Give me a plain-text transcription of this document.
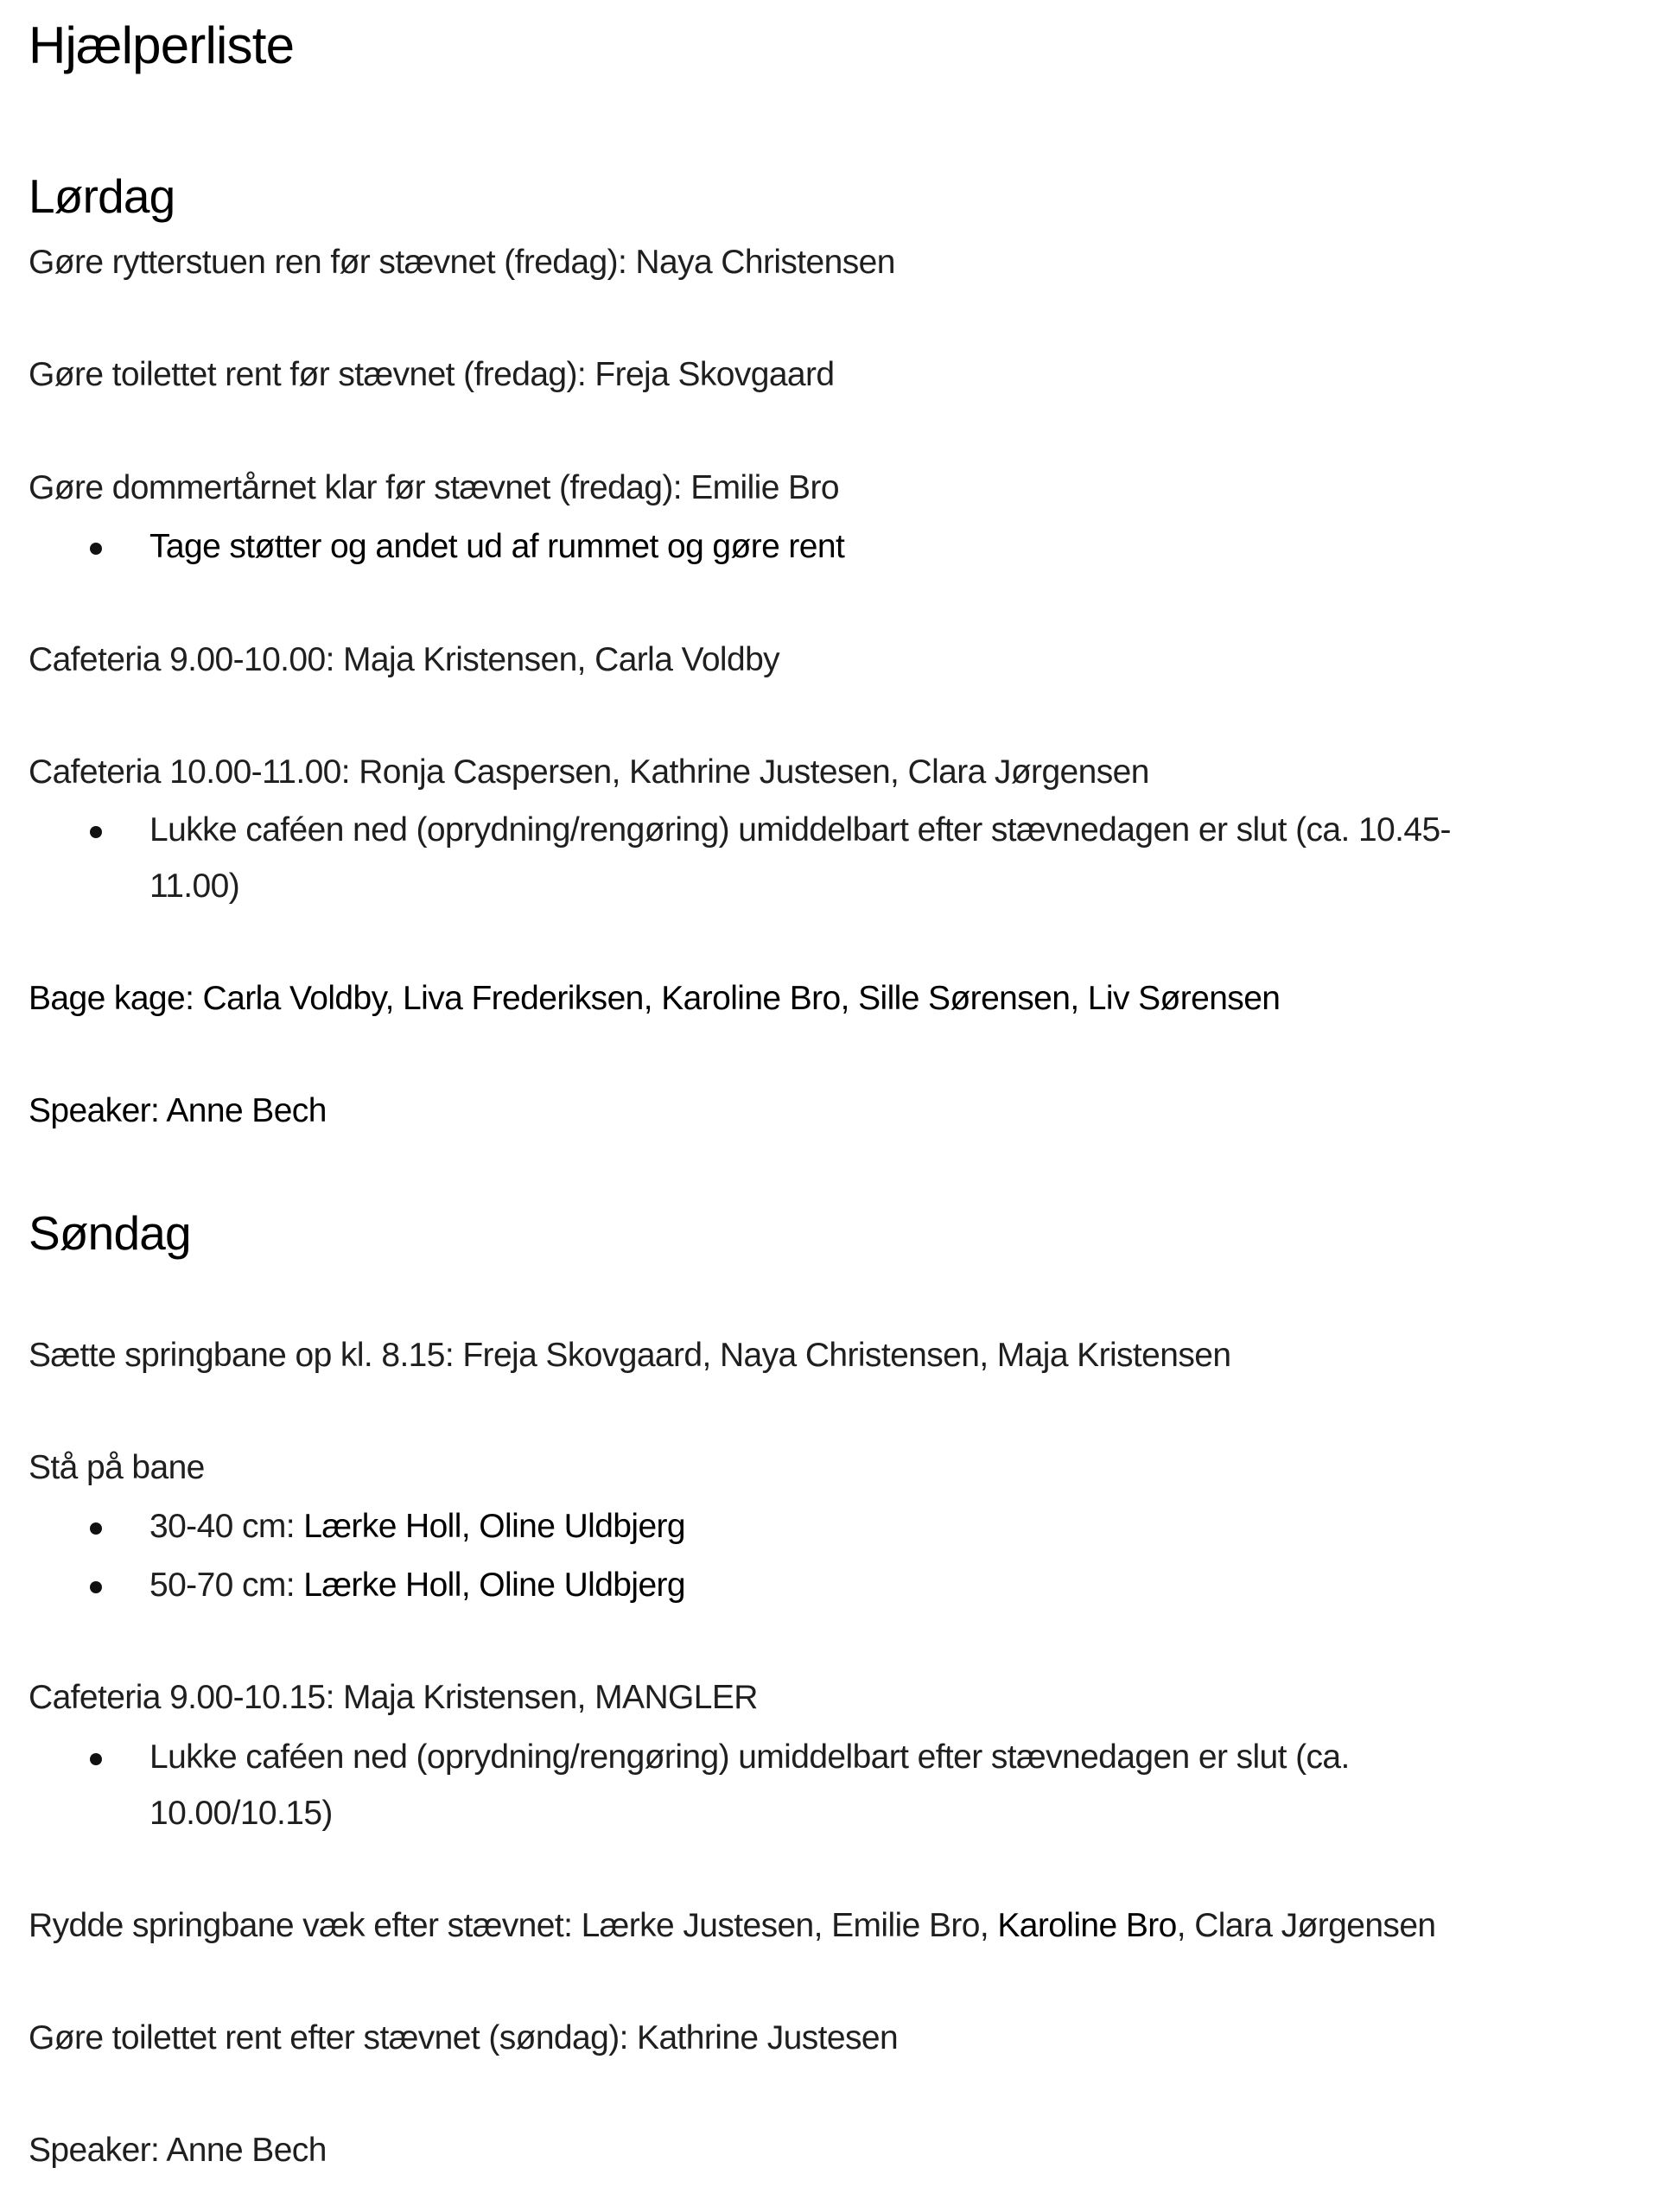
Hjælperliste
Lørdag
Gøre rytterstuen ren før stævnet (fredag): Naya Christensen
Gøre toilettet rent før stævnet (fredag): Freja Skovgaard
Gøre dommertårnet klar før stævnet (fredag): Emilie Bro
Tage støtter og andet ud af rummet og gøre rent
Cafeteria 9.00-10.00: Maja Kristensen, Carla Voldby
Cafeteria 10.00-11.00: Ronja Caspersen, Kathrine Justesen, Clara Jørgensen
Lukke caféen ned (oprydning/rengøring) umiddelbart efter stævnedagen er slut (ca. 10.45-
11.00)
Bage kage: Carla Voldby, Liva Frederiksen, Karoline Bro, Sille Sørensen, Liv Sørensen
Speaker: Anne Bech
Søndag
Sætte springbane op kl. 8.15: Freja Skovgaard, Naya Christensen, Maja Kristensen
Stå på bane
30-40 cm: Lærke Holl, Oline Uldbjerg
50-70 cm: Lærke Holl, Oline Uldbjerg
Cafeteria 9.00-10.15: Maja Kristensen, MANGLER
Lukke caféen ned (oprydning/rengøring) umiddelbart efter stævnedagen er slut (ca.
10.00/10.15)
Rydde springbane væk efter stævnet: Lærke Justesen, Emilie Bro, Karoline Bro, Clara Jørgensen
Gøre toilettet rent efter stævnet (søndag): Kathrine Justesen
Speaker: Anne Bech
